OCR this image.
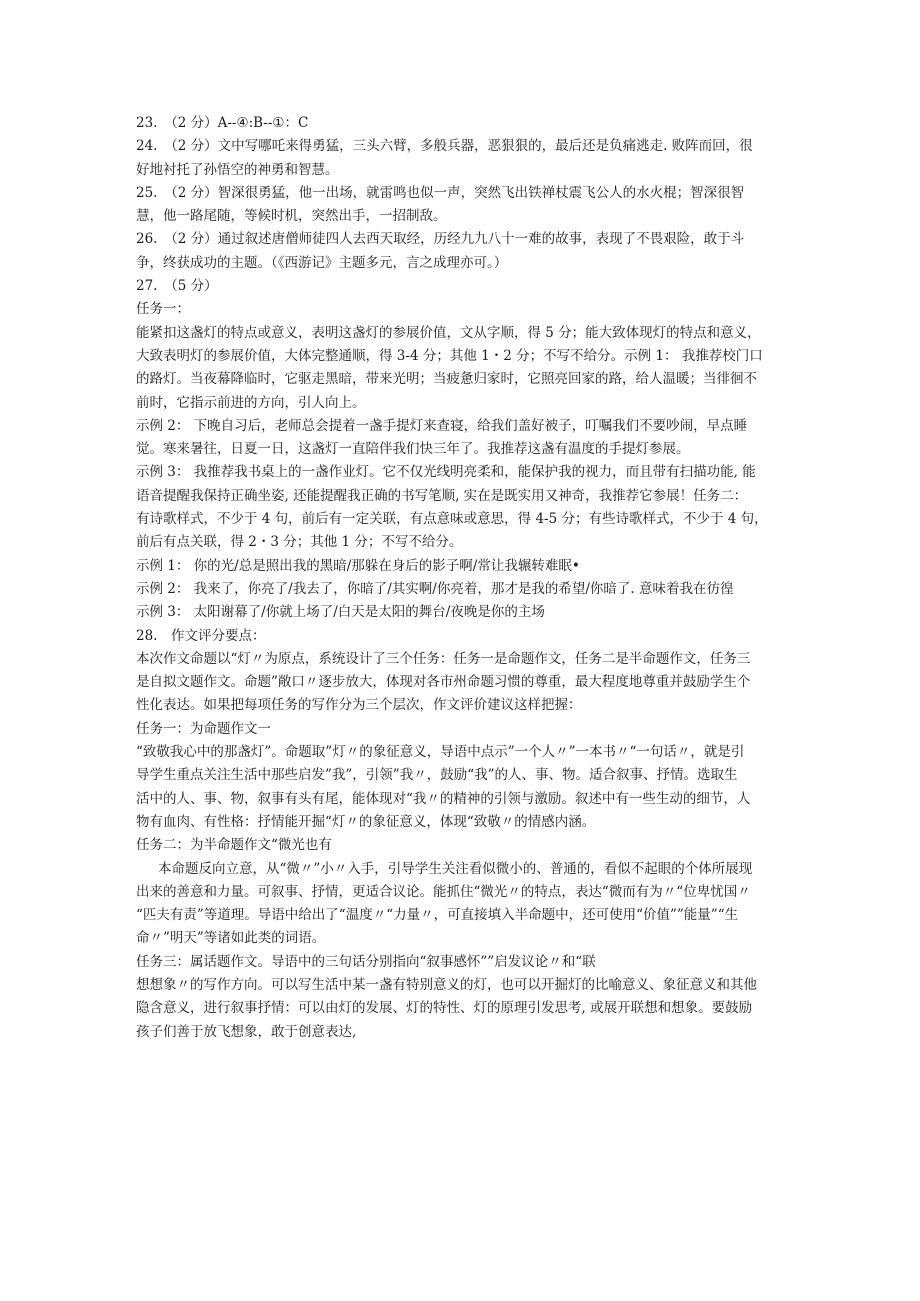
23.　（2 分）A--④:B--①：C
24.　（2 分）文中写哪吒来得勇猛，三头六臂，多般兵器，恶狠狠的，最后还是负痛逃走. 败阵而回，很
好地衬托了孙悟空的神勇和智慧。
25.　（2 分）智深很勇猛，他一出场，就雷鸣也似一声，突然飞出铁禅杖震飞公人的水火棍；智深很智
慧，他一路尾随，等候时机，突然出手，一招制敌。
26.　（2 分）通过叙述唐僧师徒四人去西天取经，历经九九八十一难的故事，表现了不畏艰险，敢于斗
争，终获成功的主题。（《西游记》主题多元，言之成理亦可。）
27.　（5 分）
任务一：
能紧扣这盏灯的特点或意义，表明这盏灯的参展价值，文从字顺，得 5 分；能大致体现灯的特点和意义，
大致表明灯的参展价值，大体完整通顺，得 3-4 分；其他 1・2 分；不写不给分。示例 1： 我推荐校门口
的路灯。当夜幕降临时，它驱走黑暗，带来光明；当疲惫归家时，它照亮回家的路，给人温暖；当徘徊不
前时，它指示前进的方向，引人向上。
示例 2： 下晚自习后，老师总会提着一盏手提灯来查寝，给我们盖好被子，叮嘱我们不要吵闹，早点睡
觉。寒来暑往，日夏一日，这盏灯一直陪伴我们快三年了。我推荐这盏有温度的手提灯参展。
示例 3： 我推荐我书桌上的一盏作业灯。它不仅光线明亮柔和，能保护我的视力，而且带有扫描功能, 能
语音提醒我保持正确坐姿, 还能提醒我正确的书写笔顺, 实在是既实用又神奇，我推荐它参展！任务二：
有诗歌样式，不少于 4 句，前后有一定关联，有点意味或意思，得 4-5 分；有些诗歌样式，不少于 4 句，
前后有点关联，得 2・3 分；其他 1 分；不写不给分。
示例 1： 你的光/总是照出我的黑暗/那躲在身后的影子啊/常让我辗转难眠•
示例 2： 我来了，你亮了/我去了，你暗了/其实啊/你亮着，那才是我的希望/你暗了. 意味着我在彷徨
示例 3： 太阳谢幕了/你就上场了/白天是太阳的舞台/夜晚是你的主场
28.　作文评分要点：
本次作文命题以“灯〃为原点，系统设计了三个任务：任务一是命题作文，任务二是半命题作文，任务三
是自拟文题作文。命题”敞口〃逐步放大，体现对各市州命题习惯的尊重，最大程度地尊重并鼓励学生个
性化表达。如果把每项任务的写作分为三个层次，作文评价建议这样把握：
任务一：为命题作文一
“致敬我心中的那盏灯”。命题取”灯〃的象征意义，导语中点示”一个人〃”一本书〃“一句话〃，就是引
导学生重点关注生活中那些启发”我”，引领”我〃，鼓励“我”的人、事、物。适合叙事、抒情。选取生
活中的人、事、物，叙事有头有尾，能体现对“我〃的精神的引领与激励。叙述中有一些生动的细节，人
物有血肉、有性格：抒情能开掘“灯〃的象征意义，体现“致敬〃的情感内涵。
任务二：为半命题作文“微光也有
本命题反向立意，从“微〃”小〃入手，引导学生关注看似微小的、普通的，看似不起眼的个体所展现
出来的善意和力量。可叙事、抒情，更适合议论。能抓住“微光〃的特点，表达“微而有为〃“位卑忧国〃
“匹夫有责”等道理。导语中给出了“温度〃“力量〃，可直接填入半命题中，还可使用“价值””能量”“生
命〃”明天”等诸如此类的词语。
任务三：属话题作文。导语中的三句话分别指向“叙事感怀””启发议论〃和“联
想想象〃的写作方向。可以写生活中某一盏有特别意义的灯，也可以开掘灯的比喻意义、象征意义和其他
隐含意义，进行叙事抒情：可以由灯的发展、灯的特性、灯的原理引发思考, 或展开联想和想象。要鼓励
孩子们善于放飞想象，敢于创意表达,
